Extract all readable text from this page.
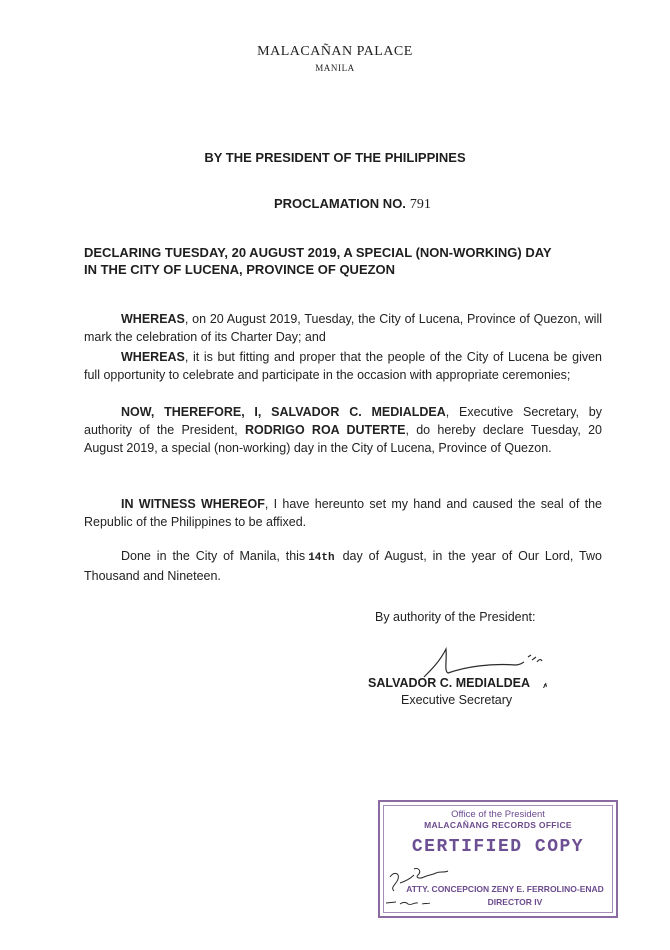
MALACAÑAN PALACE
MANILA
BY THE PRESIDENT OF THE PHILIPPINES
PROCLAMATION NO. 791
DECLARING TUESDAY, 20 AUGUST 2019, A SPECIAL (NON-WORKING) DAY
IN THE CITY OF LUCENA, PROVINCE OF QUEZON
WHEREAS, on 20 August 2019, Tuesday, the City of Lucena, Province of Quezon, will mark the celebration of its Charter Day; and
WHEREAS, it is but fitting and proper that the people of the City of Lucena be given full opportunity to celebrate and participate in the occasion with appropriate ceremonies;
NOW, THEREFORE, I, SALVADOR C. MEDIALDEA, Executive Secretary, by authority of the President, RODRIGO ROA DUTERTE, do hereby declare Tuesday, 20 August 2019, a special (non-working) day in the City of Lucena, Province of Quezon.
IN WITNESS WHEREOF, I have hereunto set my hand and caused the seal of the Republic of the Philippines to be affixed.
Done in the City of Manila, this 14th day of August, in the year of Our Lord, Two Thousand and Nineteen.
By authority of the President:
SALVADOR C. MEDIALDEA
Executive Secretary
Office of the President
MALACAÑANG RECORDS OFFICE
CERTIFIED COPY
ATTY. CONCEPCION ZENY E. FERROLINO-ENAD
DIRECTOR IV
